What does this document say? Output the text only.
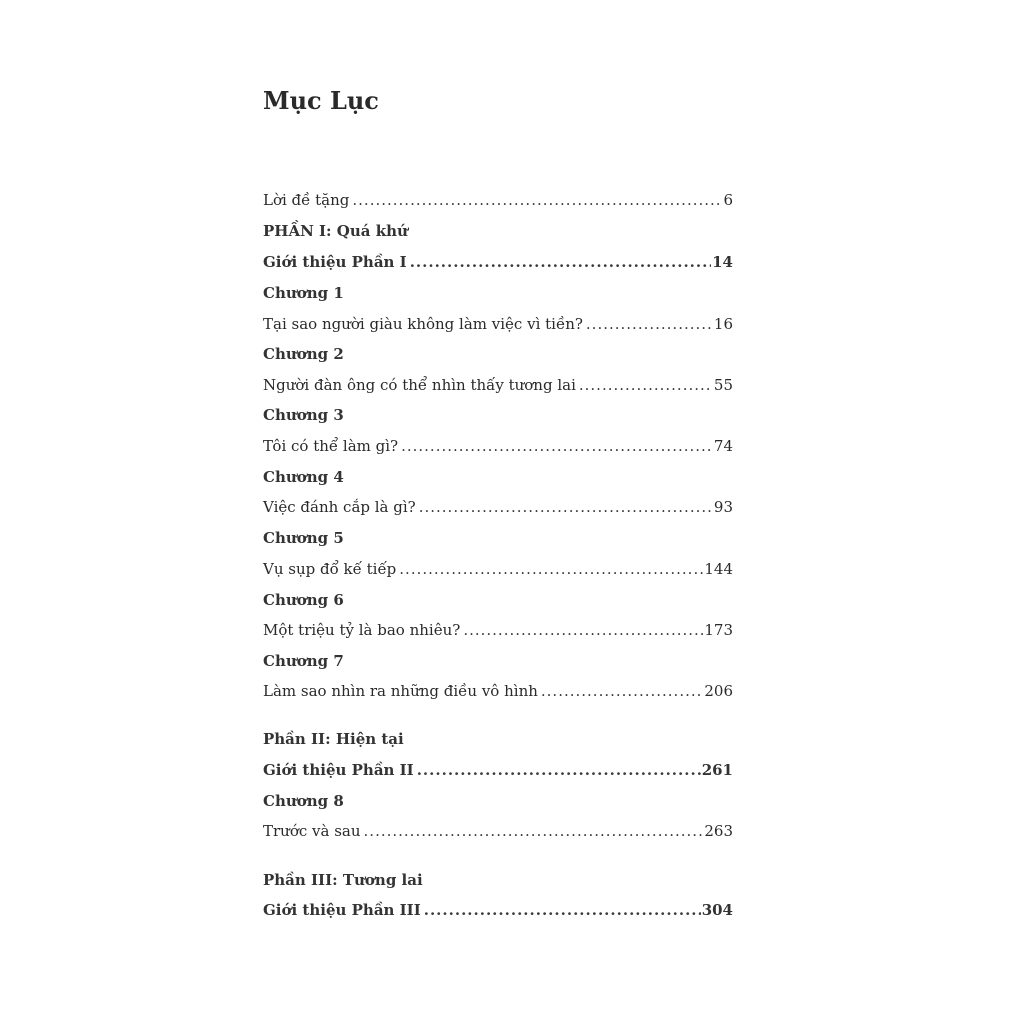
Mục Lục
Lời đề tặng .....	6
PHẦN I: Quá khứ
Giới thiệu Phần I .....	14
Chương 1
Tại sao người giàu không làm việc vì tiền? .....	16
Chương 2
Người đàn ông có thể nhìn thấy tương lai .....	55
Chương 3
Tôi có thể làm gì? .....	74
Chương 4
Việc đánh cắp là gì? .....	93
Chương 5
Vụ sụp đổ kế tiếp .....	144
Chương 6
Một triệu tỷ là bao nhiêu? .....	173
Chương 7
Làm sao nhìn ra những điều vô hình .....	206
Phần II: Hiện tại
Giới thiệu Phần II .....	261
Chương 8
Trước và sau .....	263
Phần III: Tương lai
Giới thiệu Phần III .....	304
